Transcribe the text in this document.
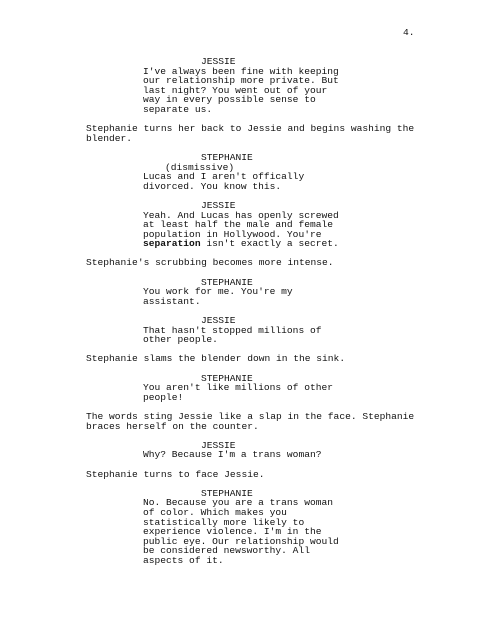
4.
JESSIE
I've always been fine with keeping
our relationship more private. But
last night? You went out of your
way in every possible sense to
separate us.
Stephanie turns her back to Jessie and begins washing the
blender.
STEPHANIE
(dismissive)
Lucas and I aren't offically
divorced. You know this.
JESSIE
Yeah. And Lucas has openly screwed
at least half the male and female
population in Hollywood. You're
separation isn't exactly a secret.
Stephanie's scrubbing becomes more intense.
STEPHANIE
You work for me. You're my
assistant.
JESSIE
That hasn't stopped millions of
other people.
Stephanie slams the blender down in the sink.
STEPHANIE
You aren't like millions of other
people!
The words sting Jessie like a slap in the face. Stephanie
braces herself on the counter.
JESSIE
Why? Because I'm a trans woman?
Stephanie turns to face Jessie.
STEPHANIE
No. Because you are a trans woman
of color. Which makes you
statistically more likely to
experience violence. I'm in the
public eye. Our relationship would
be considered newsworthy. All
aspects of it.
